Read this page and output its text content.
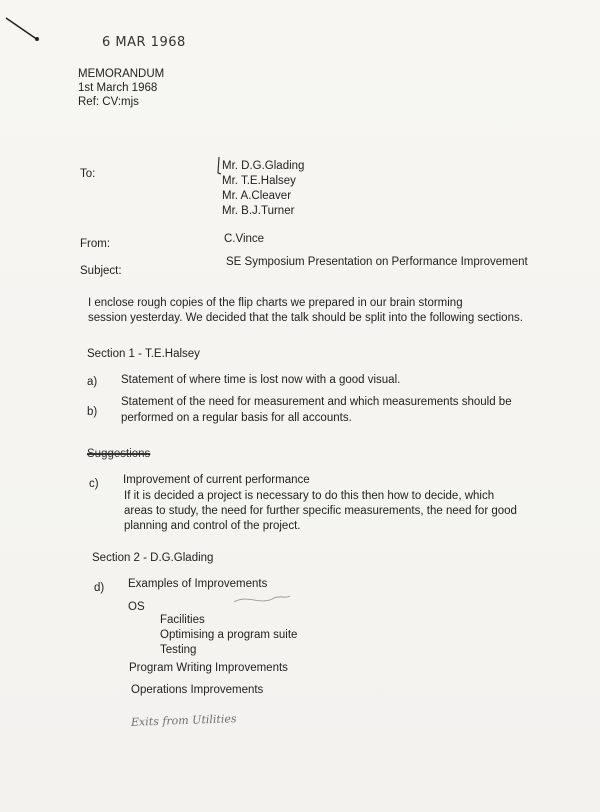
6 MAR 1968
MEMORANDUM
1st March 1968
Ref: CV:mjs
To:
Mr. D.G.Glading
Mr. T.E.Halsey
Mr. A.Cleaver
Mr. B.J.Turner
From:	C.Vince
Subject:
SE Symposium Presentation on Performance Improvement
I enclose rough copies of the flip charts we prepared in our brain storming
session yesterday. We decided that the talk should be split into the following sections.
Section 1 - T.E.Halsey
a) Statement of where time is lost now with a good visual.
b)
Statement of the need for measurement and which measurements should be
performed on a regular basis for all accounts.
Suggestions
c) Improvement of current performance
If it is decided a project is necessary to do this then how to decide, which
areas to study, the need for further specific measurements, the need for good
planning and control of the project.
Section 2 - D.G.Glading
d) Examples of Improvements
OS
Facilities
Optimising a program suite
Testing
Program Writing Improvements
Operations Improvements
Exits from Utilities
